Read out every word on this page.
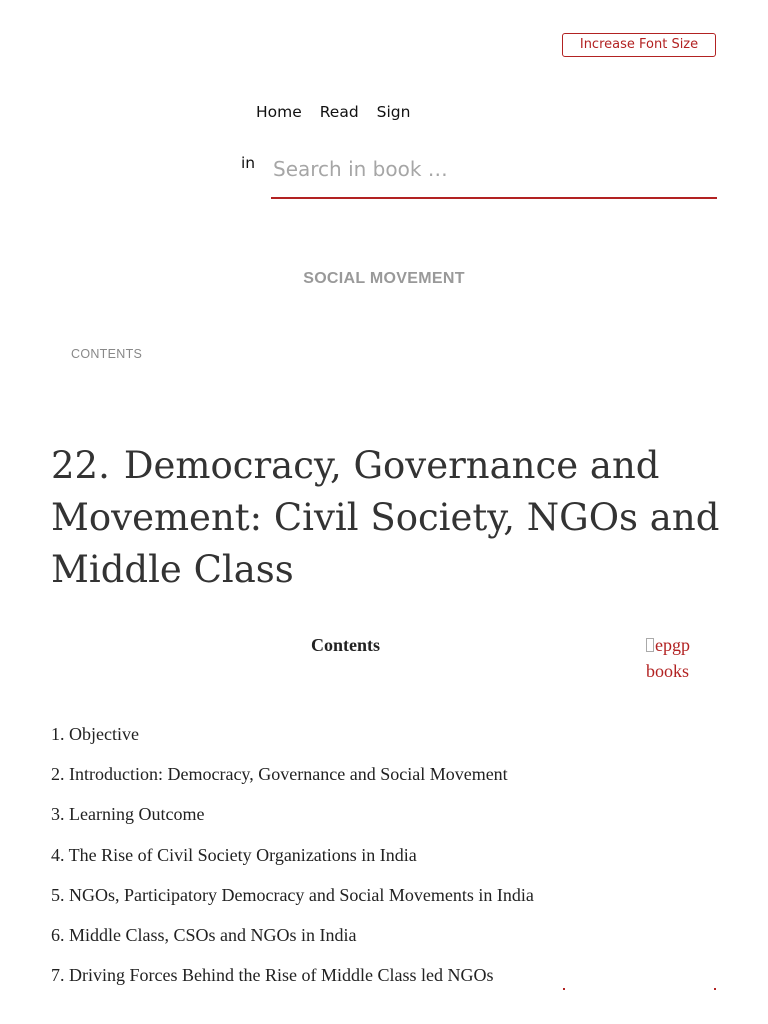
Increase Font Size
Home Read Sign
in
Search in book …
SOCIAL MOVEMENT
CONTENTS
22. Democracy, Governance and Movement: Civil Society, NGOs and Middle Class
Contents	epgp books
1. Objective
2. Introduction: Democracy, Governance and Social Movement
3. Learning Outcome
4. The Rise of Civil Society Organizations in India
5. NGOs, Participatory Democracy and Social Movements in India
6. Middle Class, CSOs and NGOs in India
7. Driving Forces Behind the Rise of Middle Class led NGOs
